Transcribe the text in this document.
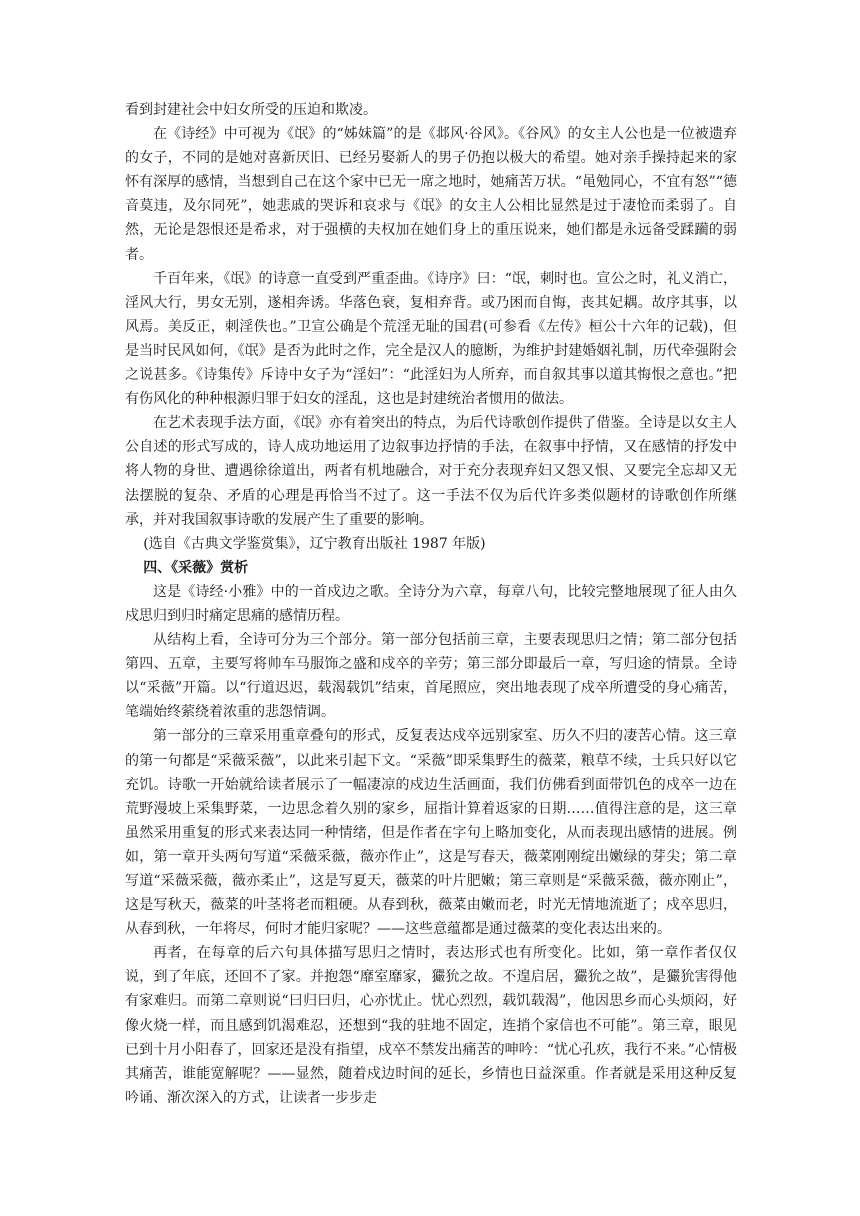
看到封建社会中妇女所受的压迫和欺凌。

在《诗经》中可视为《氓》的“姊妹篇”的是《邶风·谷风》。《谷风》的女主人公也是一位被遗弃的女子，不同的是她对喜新厌旧、已经另娶新人的男子仍抱以极大的希望。她对亲手操持起来的家怀有深厚的感情，当想到自己在这个家中已无一席之地时，她痛苦万状。“黾勉同心，不宜有怒”“德音莫违，及尔同死”，她悲戚的哭诉和哀求与《氓》的女主人公相比显然是过于凄怆而柔弱了。自然，无论是怨恨还是希求，对于强横的夫权加在她们身上的重压说来，她们都是永远备受蹂躏的弱者。

千百年来，《氓》的诗意一直受到严重歪曲。《诗序》曰：“氓，刺时也。宣公之时，礼义消亡，淫风大行，男女无别，遂相奔诱。华落色衰，复相弃背。或乃困而自悔，丧其妃耦。故序其事，以风焉。美反正，刺淫佚也。”卫宣公确是个荒淫无耻的国君(可参看《左传》桓公十六年的记载)，但是当时民风如何，《氓》是否为此时之作，完全是汉人的臆断，为维护封建婚姻礼制，历代牵强附会之说甚多。《诗集传》斥诗中女子为“淫妇”：“此淫妇为人所弃，而自叙其事以道其悔恨之意也。”把有伤风化的种种根源归罪于妇女的淫乱，这也是封建统治者惯用的做法。

在艺术表现手法方面，《氓》亦有着突出的特点，为后代诗歌创作提供了借鉴。全诗是以女主人公自述的形式写成的，诗人成功地运用了边叙事边抒情的手法，在叙事中抒情，又在感情的抒发中将人物的身世、遭遇徐徐道出，两者有机地融合，对于充分表现弃妇又怨又恨、又要完全忘却又无法摆脱的复杂、矛盾的心理是再恰当不过了。这一手法不仅为后代许多类似题材的诗歌创作所继承，并对我国叙事诗歌的发展产生了重要的影响。

(选自《古典文学鉴赏集》，辽宁教育出版社 1987 年版)

四、《采薇》赏析

这是《诗经·小雅》中的一首戍边之歌。全诗分为六章，每章八句，比较完整地展现了征人由久戍思归到归时痛定思痛的感情历程。

从结构上看，全诗可分为三个部分。第一部分包括前三章，主要表现思归之情；第二部分包括第四、五章，主要写将帅车马服饰之盛和戍卒的辛劳；第三部分即最后一章，写归途的情景。全诗以“采薇”开篇。以“行道迟迟，载渴载饥”结束，首尾照应，突出地表现了戍卒所遭受的身心痛苦，笔端始终萦绕着浓重的悲怨情调。

第一部分的三章采用重章叠句的形式，反复表达戍卒远别家室、历久不归的凄苦心情。这三章的第一句都是“采薇采薇”，以此来引起下文。“采薇”即采集野生的薇菜，粮草不续，士兵只好以它充饥。诗歌一开始就给读者展示了一幅凄凉的戍边生活画面，我们仿佛看到面带饥色的戍卒一边在荒野漫坡上采集野菜，一边思念着久别的家乡，屈指计算着返家的日期……值得注意的是，这三章虽然采用重复的形式来表达同一种情绪，但是作者在字句上略加变化，从而表现出感情的进展。例如，第一章开头两句写道“采薇采薇，薇亦作止”，这是写春天，薇菜刚刚绽出嫩绿的芽尖；第二章写道“采薇采薇，薇亦柔止”，这是写夏天，薇菜的叶片肥嫩；第三章则是“采薇采薇，薇亦刚止”，这是写秋天，薇菜的叶茎将老而粗硬。从春到秋，薇菜由嫩而老，时光无情地流逝了；戍卒思归，从春到秋，一年将尽，何时才能归家呢？——这些意蕴都是通过薇菜的变化表达出来的。

再者，在每章的后六句具体描写思归之情时，表达形式也有所变化。比如，第一章作者仅仅说，到了年底，还回不了家。并抱怨“靡室靡家，玁狁之故。不遑启居，玁狁之故”，是玁狁害得他有家难归。而第二章则说“曰归曰归，心亦忧止。忧心烈烈，载饥载渴”，他因思乡而心头烦闷，好像火烧一样，而且感到饥渴难忍，还想到“我的驻地不固定，连捎个家信也不可能”。第三章，眼见已到十月小阳春了，回家还是没有指望，戍卒不禁发出痛苦的呻吟：“忧心孔疚，我行不来。”心情极其痛苦，谁能宽解呢？——显然，随着戍边时间的延长，乡情也日益深重。作者就是采用这种反复吟诵、渐次深入的方式，让读者一步步走
